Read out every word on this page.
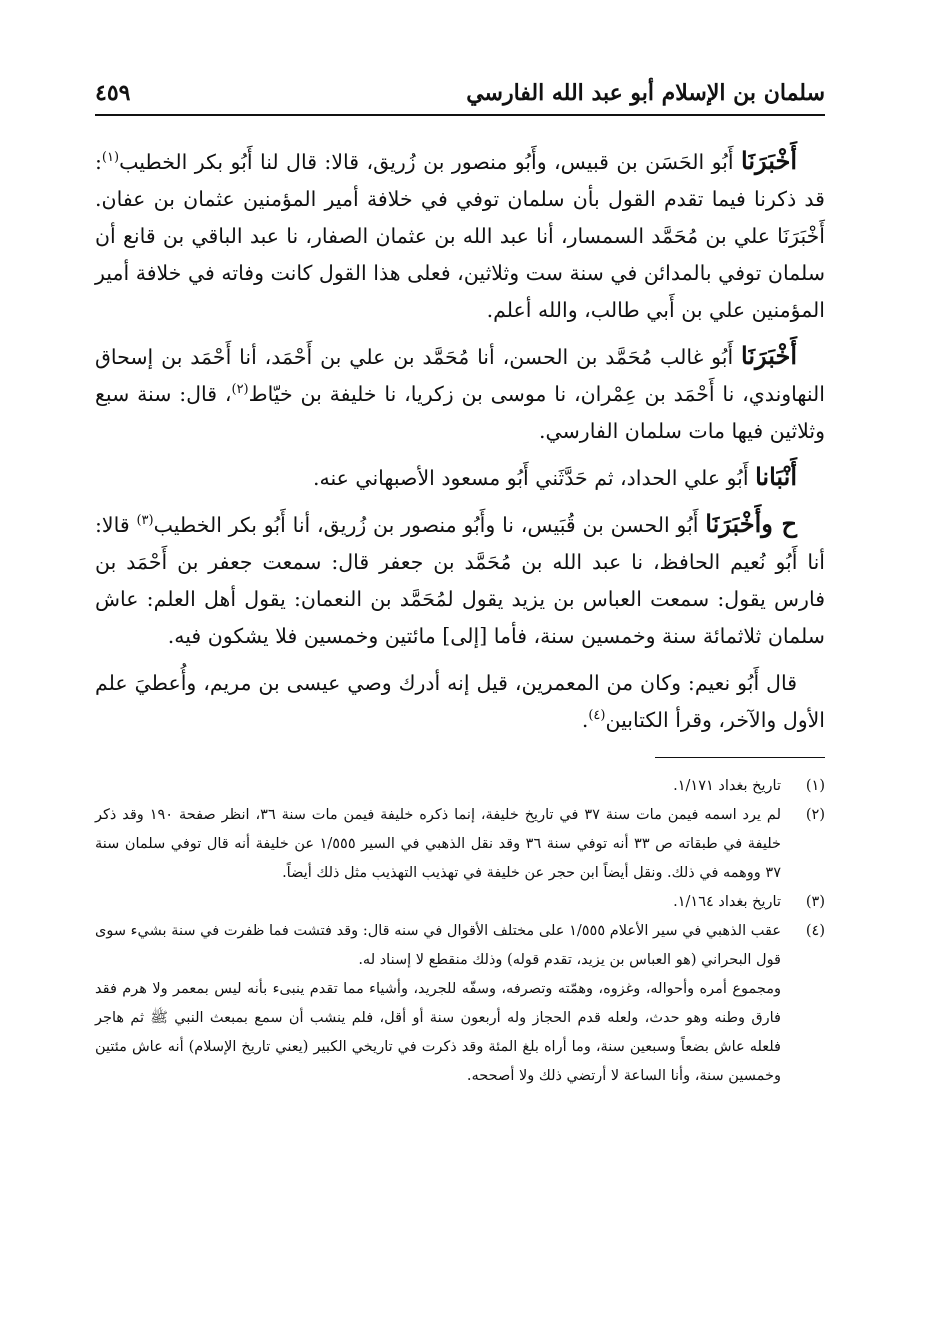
سلمان بن الإسلام أبو عبد الله الفارسي
٤٥٩

أَخْبَرَنَا أَبُو الحَسَن بن قبيس، وأَبُو منصور بن زُريق، قالا: قال لنا أَبُو بكر الخطيب$^{(١)}$: قد ذكرنا فيما تقدم القول بأن سلمان توفي في خلافة أمير المؤمنين عثمان بن عفان. أَخْبَرَنَا علي بن مُحَمَّد السمسار، أنا عبد الله بن عثمان الصفار، نا عبد الباقي بن قانع أن سلمان توفي بالمدائن في سنة ست وثلاثين، فعلى هذا القول كانت وفاته في خلافة أمير المؤمنين علي بن أَبي طالب، والله أعلم.

أَخْبَرَنَا أَبُو غالب مُحَمَّد بن الحسن، أنا مُحَمَّد بن علي بن أَحْمَد، أنا أَحْمَد بن إسحاق النهاوندي، نا أَحْمَد بن عِمْران، نا موسى بن زكريا، نا خليفة بن خيّاط$^{(٢)}$، قال: سنة سبع وثلاثين فيها مات سلمان الفارسي.

أَنْبَانا أَبُو علي الحداد، ثم حَدَّثَني أَبُو مسعود الأصبهاني عنه.

ح وأَخْبَرَنَا أَبُو الحسن بن قُبَيس، نا وأَبُو منصور بن زُريق، أنا أَبُو بكر الخطيب$^{(٣)}$ قالا: أنا أَبُو نُعيم الحافظ، نا عبد الله بن مُحَمَّد بن جعفر قال: سمعت جعفر بن أَحْمَد بن فارس يقول: سمعت العباس بن يزيد يقول لمُحَمَّد بن النعمان: يقول أهل العلم: عاش سلمان ثلاثمائة سنة وخمسين سنة، فأما [إلى] مائتين وخمسين فلا يشكون فيه.

قال أَبُو نعيم: وكان من المعمرين، قيل إنه أدرك وصي عيسى بن مريم، وأُعطيَ علم الأول والآخر، وقرأ الكتابين$^{(٤)}$.

(١)

تاريخ بغداد ١/١٧١.

(٢)

لم يرد اسمه فيمن مات سنة ٣٧ في تاريخ خليفة، إنما ذكره خليفة فيمن مات سنة ٣٦، انظر صفحة ١٩٠ وقد ذكر خليفة في طبقاته ص ٣٣ أنه توفي سنة ٣٦ وقد نقل الذهبي في السير ١/٥٥٥ عن خليفة أنه قال توفي سلمان سنة ٣٧ ووهمه في ذلك. ونقل أيضاً ابن حجر عن خليفة في تهذيب التهذيب مثل ذلك أيضاً.

(٣)

تاريخ بغداد ١/١٦٤.

(٤)

عقب الذهبي في سير الأعلام ١/٥٥٥ على مختلف الأقوال في سنه قال: وقد فتشت فما ظفرت في سنة بشيء سوى قول البحراني (هو العباس بن يزيد، تقدم قوله) وذلك منقطع لا إسناد له.

ومجموع أمره وأحواله، وغزوه، وهمّته وتصرفه، وسفّه للجريد، وأشياء مما تقدم ينبىء بأنه ليس بمعمر ولا هرم فقد فارق وطنه وهو حدث، ولعله قدم الحجاز وله أربعون سنة أو أقل، فلم ينشب أن سمع بمبعث النبي ﷺ ثم هاجر فلعله عاش بضعاً وسبعين سنة، وما أراه بلغ المئة وقد ذكرت في تاريخي الكبير (يعني تاريخ الإسلام) أنه عاش مئتين وخمسين سنة، وأنا الساعة لا أرتضي ذلك ولا أصححه.
